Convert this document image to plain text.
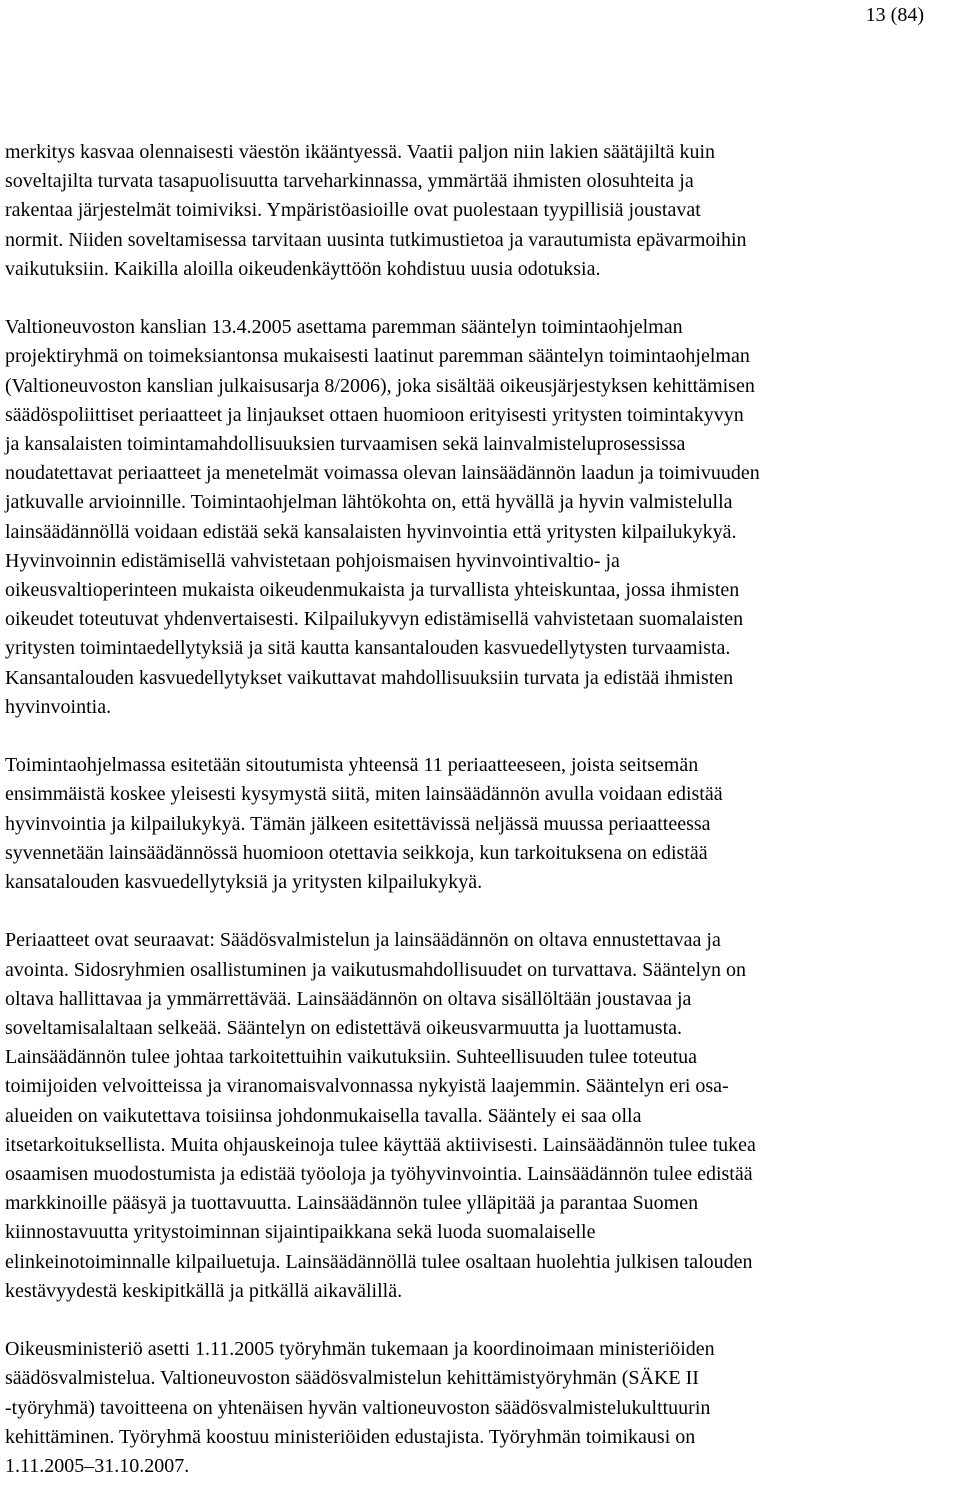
13 (84)

merkitys kasvaa olennaisesti väestön ikääntyessä. Vaatii paljon niin lakien säätäjiltä kuin
soveltajilta turvata tasapuolisuutta tarveharkinnassa, ymmärtää ihmisten olosuhteita ja
rakentaa järjestelmät toimiviksi. Ympäristöasioille ovat puolestaan tyypillisiä joustavat
normit. Niiden soveltamisessa tarvitaan uusinta tutkimustietoa ja varautumista epävarmoihin
vaikutuksiin. Kaikilla aloilla oikeudenkäyttöön kohdistuu uusia odotuksia.

Valtioneuvoston kanslian 13.4.2005 asettama paremman sääntelyn toimintaohjelman
projektiryhmä on toimeksiantonsa mukaisesti laatinut paremman sääntelyn toimintaohjelman
(Valtioneuvoston kanslian julkaisusarja 8/2006), joka sisältää oikeusjärjestyksen kehittämisen
säädöspoliittiset periaatteet ja linjaukset ottaen huomioon erityisesti yritysten toimintakyvyn
ja kansalaisten toimintamahdollisuuksien turvaamisen sekä lainvalmisteluprosessissa
noudatettavat periaatteet ja menetelmät voimassa olevan lainsäädännön laadun ja toimivuuden
jatkuvalle arvioinnille. Toimintaohjelman lähtökohta on, että hyvällä ja hyvin valmistelulla
lainsäädännöllä voidaan edistää sekä kansalaisten hyvinvointia että yritysten kilpailukykyä.
Hyvinvoinnin edistämisellä vahvistetaan pohjoismaisen hyvinvointivaltio- ja
oikeusvaltioperinteen mukaista oikeudenmukaista ja turvallista yhteiskuntaa, jossa ihmisten
oikeudet toteutuvat yhdenvertaisesti. Kilpailukyvyn edistämisellä vahvistetaan suomalaisten
yritysten toimintaedellytyksiä ja sitä kautta kansantalouden kasvuedellytysten turvaamista.
Kansantalouden kasvuedellytykset vaikuttavat mahdollisuuksiin turvata ja edistää ihmisten
hyvinvointia.

Toimintaohjelmassa esitetään sitoutumista yhteensä 11 periaatteeseen, joista seitsemän
ensimmäistä koskee yleisesti kysymystä siitä, miten lainsäädännön avulla voidaan edistää
hyvinvointia ja kilpailukykyä. Tämän jälkeen esitettävissä neljässä muussa periaatteessa
syvennetään lainsäädännössä huomioon otettavia seikkoja, kun tarkoituksena on edistää
kansatalouden kasvuedellytyksiä ja yritysten kilpailukykyä.

Periaatteet ovat seuraavat: Säädösvalmistelun ja lainsäädännön on oltava ennustettavaa ja
avointa. Sidosryhmien osallistuminen ja vaikutusmahdollisuudet on turvattava. Sääntelyn on
oltava hallittavaa ja ymmärrettävää. Lainsäädännön on oltava sisällöltään joustavaa ja
soveltamisalaltaan selkeää. Sääntelyn on edistettävä oikeusvarmuutta ja luottamusta.
Lainsäädännön tulee johtaa tarkoitettuihin vaikutuksiin. Suhteellisuuden tulee toteutua
toimijoiden velvoitteissa ja viranomaisvalvonnassa nykyistä laajemmin. Sääntelyn eri osa-
alueiden on vaikutettava toisiinsa johdonmukaisella tavalla. Sääntely ei saa olla
itsetarkoituksellista. Muita ohjauskeinoja tulee käyttää aktiivisesti. Lainsäädännön tulee tukea
osaamisen muodostumista ja edistää työoloja ja työhyvinvointia. Lainsäädännön tulee edistää
markkinoille pääsyä ja tuottavuutta. Lainsäädännön tulee ylläpitää ja parantaa Suomen
kiinnostavuutta yritystoiminnan sijaintipaikkana sekä luoda suomalaiselle
elinkeinotoiminnalle kilpailuetuja. Lainsäädännöllä tulee osaltaan huolehtia julkisen talouden
kestävyydestä keskipitkällä ja pitkällä aikavälillä.

Oikeusministeriö asetti 1.11.2005 työryhmän tukemaan ja koordinoimaan ministeriöiden
säädösvalmistelua. Valtioneuvoston säädösvalmistelun kehittämistyöryhmän (SÄKE II
-työryhmä) tavoitteena on yhtenäisen hyvän valtioneuvoston säädösvalmistelukulttuurin
kehittäminen. Työryhmä koostuu ministeriöiden edustajista. Työryhmän toimikausi on
1.11.2005–31.10.2007.
